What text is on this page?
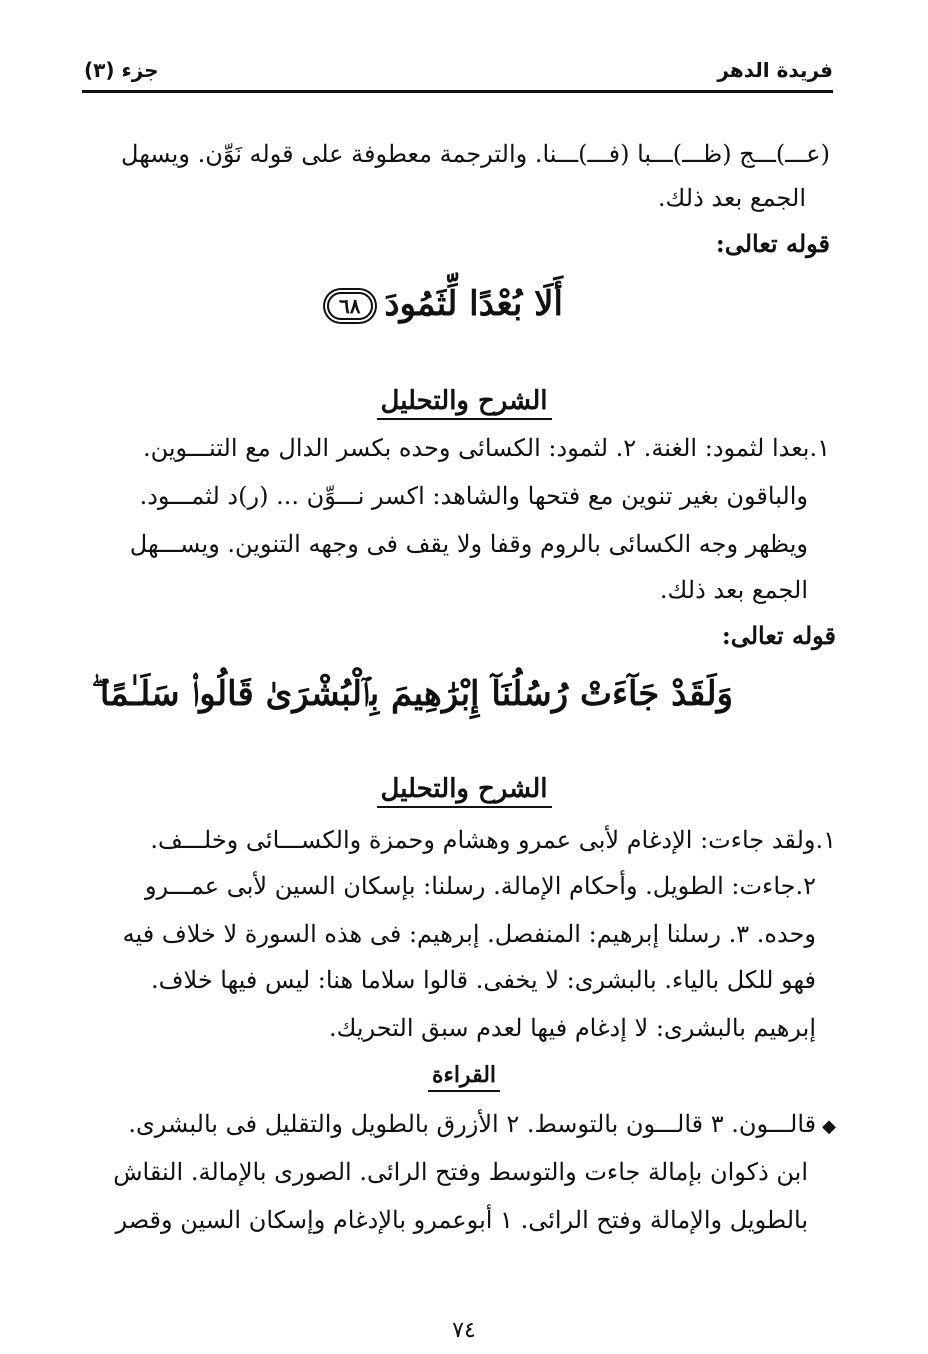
فريدة الدهر
جزء (٣)
(عـــ)ـــج (ظـــ)ـــبا (فـــ)ـــنا. والترجمة معطوفة على قوله نَوِّن. ويسهل
الجمع بعد ذلك.
قوله تعالى:
أَلَا بُعْدًا لِّثَمُودَ ٦٨
الشرح والتحليل
١.بعدا لثمود: الغنة. ٢. لثمود: الكسائى وحده بكسر الدال مع التنـــوين.
والباقون بغير تنوين مع فتحها والشاهد: اكسر نـــوِّن ... (ر)د لثمـــود.
ويظهر وجه الكسائى بالروم وقفا ولا يقف فى وجهه التنوين. ويســـهل
الجمع بعد ذلك.
قوله تعالى:
وَلَقَدْ جَآءَتْ رُسُلُنَآ إِبْرَٰهِيمَ بِٱلْبُشْرَىٰ قَالُوا۟ سَلَـٰمًا ۖ
الشرح والتحليل
١.ولقد جاءت: الإدغام لأبى عمرو وهشام وحمزة والكســـائى وخلـــف.
٢.جاءت: الطويل. وأحكام الإمالة. رسلنا: بإسكان السين لأبى عمـــرو
وحده. ٣. رسلنا إبرهيم: المنفصل. إبرهيم: فى هذه السورة لا خلاف فيه
فهو للكل بالياء. بالبشرى: لا يخفى. قالوا سلاما هنا: ليس فيها خلاف.
إبرهيم بالبشرى: لا إدغام فيها لعدم سبق التحريك.
القراءة
◆قالـــون. ٣ قالـــون بالتوسط. ٢ الأزرق بالطويل والتقليل فى بالبشرى.
ابن ذكوان بإمالة جاءت والتوسط وفتح الرائى. الصورى بالإمالة. النقاش
بالطويل والإمالة وفتح الرائى. ١ أبوعمرو بالإدغام وإسكان السين وقصر
٧٤
